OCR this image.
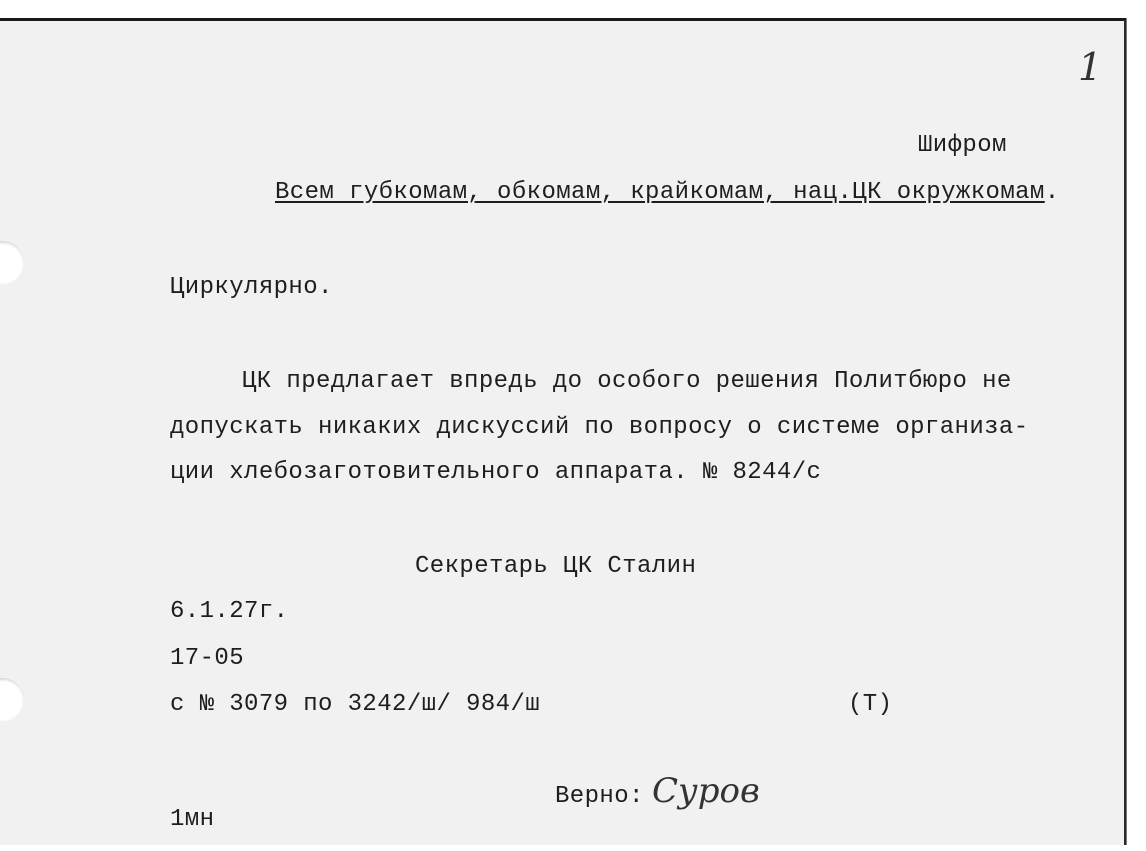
1
Шифром
Всем губкомам, обкомам, крайкомам, нац.ЦК окружкомам.
Циркулярно.
ЦК предлагает впредь до особого решения Политбюро не
допускать никаких дискуссий по вопросу о системе организа-
ции хлебозаготовительного аппарата. № 8244/с
Секретарь ЦК Сталин
6.1.27г.
17-05
с № 3079 по 3242/ш/ 984/ш	(Т)
Верно: Суров
1мн
